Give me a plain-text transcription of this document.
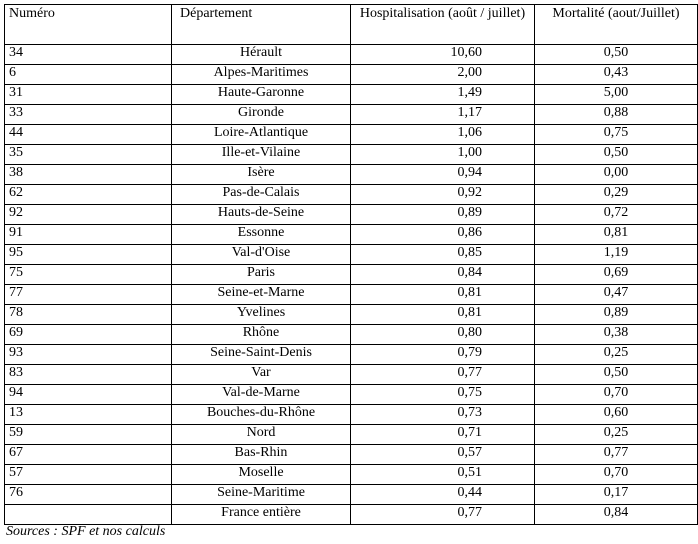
Numéro	Département	Hospitalisation (août / juillet)	Mortalité (aout/Juillet)
34	Hérault	10,60	0,50
6	Alpes-Maritimes	2,00	0,43
31	Haute-Garonne	1,49	5,00
33	Gironde	1,17	0,88
44	Loire-Atlantique	1,06	0,75
35	Ille-et-Vilaine	1,00	0,50
38	Isère	0,94	0,00
62	Pas-de-Calais	0,92	0,29
92	Hauts-de-Seine	0,89	0,72
91	Essonne	0,86	0,81
95	Val-d'Oise	0,85	1,19
75	Paris	0,84	0,69
77	Seine-et-Marne	0,81	0,47
78	Yvelines	0,81	0,89
69	Rhône	0,80	0,38
93	Seine-Saint-Denis	0,79	0,25
83	Var	0,77	0,50
94	Val-de-Marne	0,75	0,70
13	Bouches-du-Rhône	0,73	0,60
59	Nord	0,71	0,25
67	Bas-Rhin	0,57	0,77
57	Moselle	0,51	0,70
76	Seine-Maritime	0,44	0,17
	France entière	0,77	0,84
Sources : SPF et nos calculs
